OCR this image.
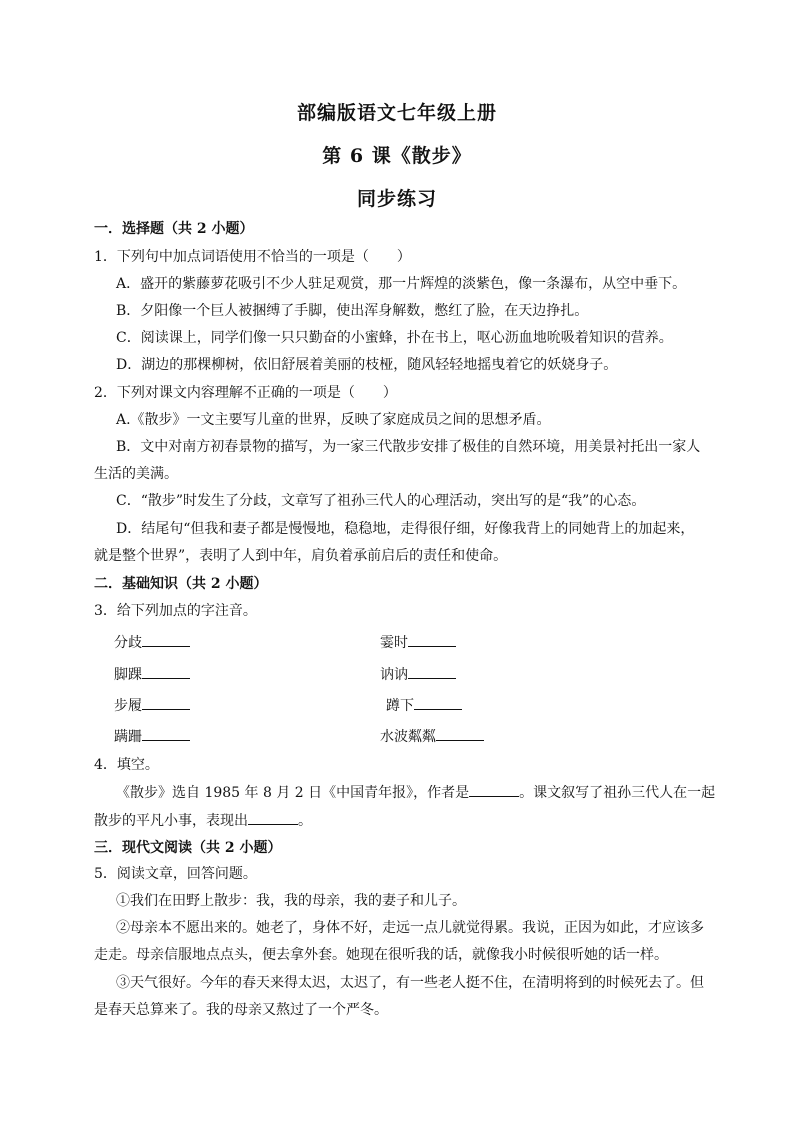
部编版语文七年级上册
第 6 课《散步》
同步练习
一．选择题（共 2 小题）
1．下列句中加点词语使用不恰当的一项是（　　）
A．盛开的紫藤萝花吸引不少人驻足观赏，那一片辉煌的淡紫色，像一条瀑布，从空中垂下。
B．夕阳像一个巨人被捆缚了手脚，使出浑身解数，憋红了脸，在天边挣扎。
C．阅读课上，同学们像一只只勤奋的小蜜蜂，扑在书上，呕心沥血地吮吸着知识的营养。
D．湖边的那棵柳树，依旧舒展着美丽的枝桠，随风轻轻地摇曳着它的妖娆身子。
2．下列对课文内容理解不正确的一项是（　　）
A.《散步》一文主要写儿童的世界，反映了家庭成员之间的思想矛盾。
B．文中对南方初春景物的描写，为一家三代散步安排了极佳的自然环境，用美景衬托出一家人
生活的美满。
C．“散步”时发生了分歧，文章写了祖孙三代人的心理活动，突出写的是“我”的心态。
D．结尾句“但我和妻子都是慢慢地，稳稳地，走得很仔细，好像我背上的同她背上的加起来，
就是整个世界”，表明了人到中年，肩负着承前启后的责任和使命。
二．基础知识（共 2 小题）
3．给下列加点的字注音。
分歧	霎时
脚踝	讷讷
步履	蹲下
蹒跚	水波粼粼
4．填空。
《散步》选自 1985 年 8 月 2 日《中国青年报》，作者是	。课文叙写了祖孙三代人在一起
散步的平凡小事，表现出	。
三．现代文阅读（共 2 小题）
5．阅读文章，回答问题。
①我们在田野上散步：我，我的母亲，我的妻子和儿子。
②母亲本不愿出来的。她老了，身体不好，走远一点儿就觉得累。我说，正因为如此，才应该多
走走。母亲信服地点点头，便去拿外套。她现在很听我的话，就像我小时候很听她的话一样。
③天气很好。今年的春天来得太迟，太迟了，有一些老人挺不住，在清明将到的时候死去了。但
是春天总算来了。我的母亲又熬过了一个严冬。
